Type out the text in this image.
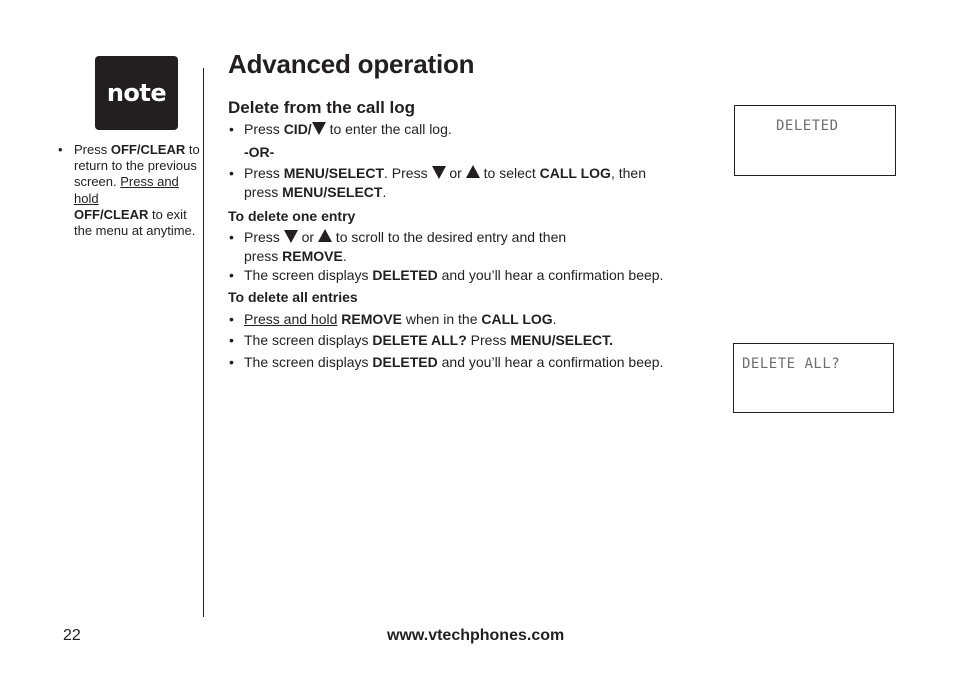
note
• Press OFF/CLEAR to return to the previous screen. Press and hold
OFF/CLEAR to exit the menu at anytime.
Advanced operation
Delete from the call log
• Press CID/ to enter the call log.
-OR-
• Press MENU/SELECT. Press  or  to select CALL LOG, then
press MENU/SELECT.
To delete one entry
• Press  or  to scroll to the desired entry and then
press REMOVE.
• The screen displays DELETED and you’ll hear a confirmation beep.
To delete all entries
• Press and hold REMOVE when in the CALL LOG.
• The screen displays DELETE ALL? Press MENU/SELECT.
• The screen displays DELETED and you’ll hear a confirmation beep.
DELETED
DELETE ALL?
22	www.vtechphones.com
